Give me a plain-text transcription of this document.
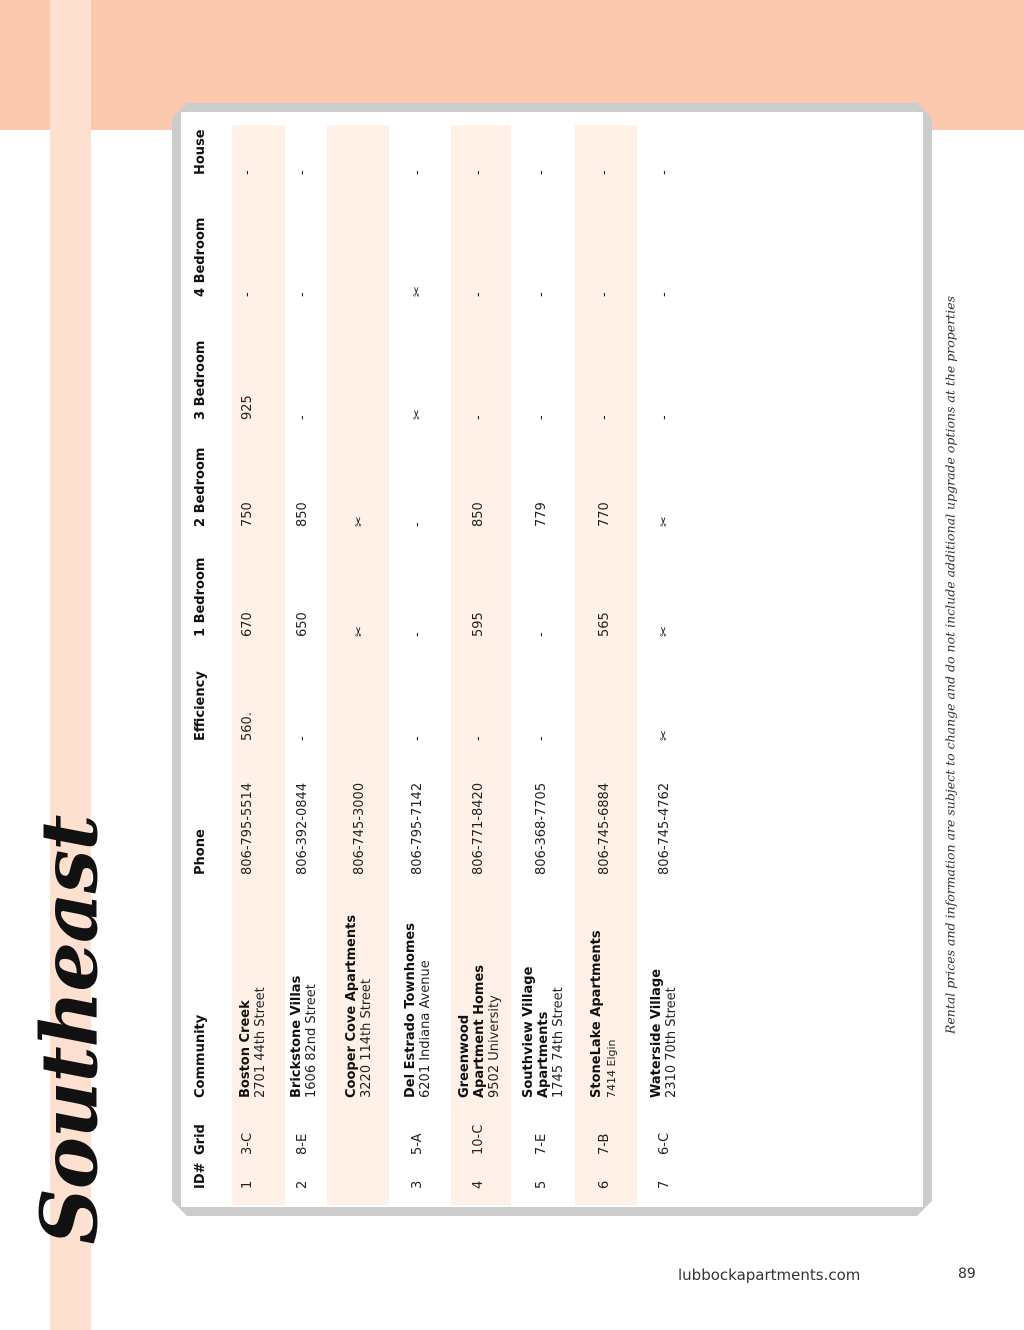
Southeast	ID#
Grid
Community
Phone
Efficiency
1 Bedroom
2 Bedroom
3 Bedroom
4 Bedroom
House
1
3-C
Boston Creek 2701 44th Street
806-795-5514
560.
670
750
925
-
-
2
8-E
Brickstone Villas 1606 82nd Street
806-392-0844
-
650
850
-
-
-
Cooper Cove Apartments 3220 114th Street
806-745-3000
✂
✂
3
5-A
Del Estrado Townhomes 6201 Indiana Avenue
806-795-7142
-
-
-
✂
✂
-
4
10-C
Greenwood Apartment Homes 9502 University
806-771-8420
-
595
850
-
-
-
5
7-E
Southview Village Apartments 1745 74th Street
806-368-7705
-
-
779
-
-
-
6
7-B
StoneLake Apartments 7414 Elgin
806-745-6884
565
770
-
-
-
7
6-C
Waterside Village 2310 70th Street
806-745-4762
✂
✂
✂
-
-
-
Rental prices and information are subject to change and do not include additional upgrade options at the properties
lubbockapartments.com	89
